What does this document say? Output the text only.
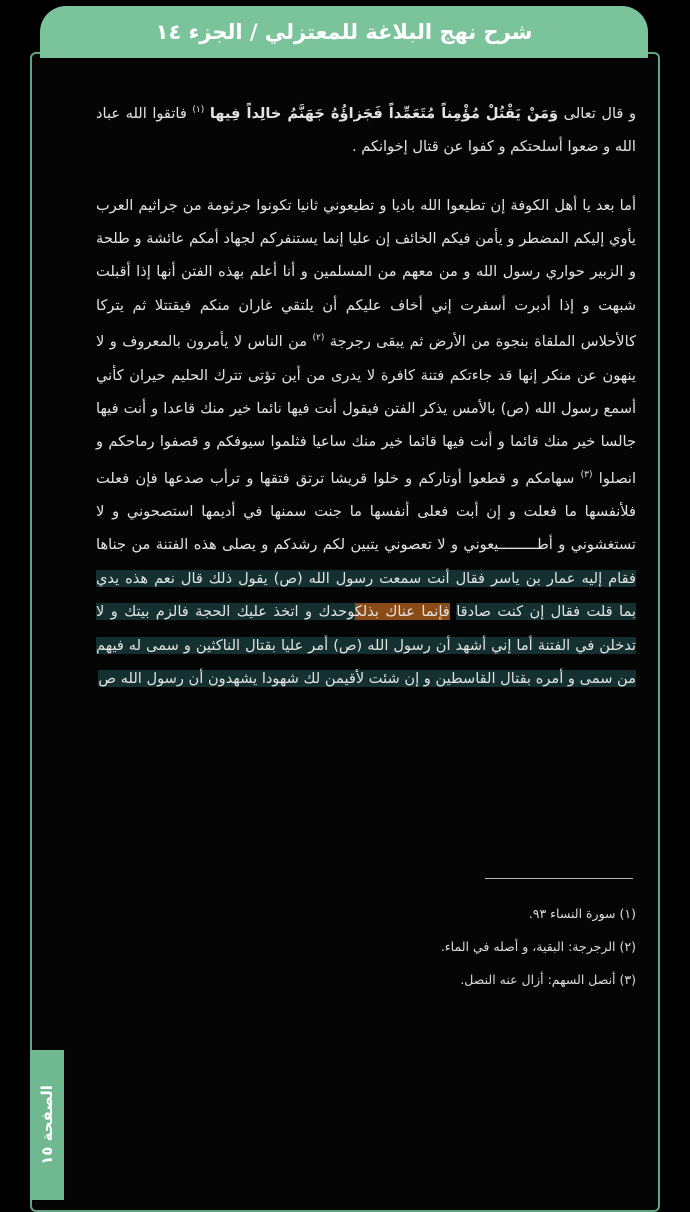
شرح نهج البلاغة للمعتزلي / الجزء ١٤

و قال تعالى وَمَنْ يَقْتُلْ مُؤْمِناً مُتَعَمِّداً فَجَزاؤُهُ جَهَنَّمُ خالِداً فِيها $^{(١)}$ فاتقوا الله عباد الله و ضعوا أسلحتكم و كفوا عن قتال إخوانكم .

أما بعد يا أهل الكوفة إن تطيعوا الله باديا و تطيعوني ثانيا تكونوا جرثومة من جراثيم العرب يأوي إليكم المضطر و يأمن فيكم الخائف إن عليا إنما يستنفركم لجهاد أمكم عائشة و طلحة و الزبير حواري رسول الله و من معهم من المسلمين و أنا أعلم بهذه الفتن أنها إذا أقبلت شبهت و إذا أدبرت أسفرت إني أخاف عليكم أن يلتقي غاران منكم فيقتتلا ثم يتركا كالأحلاس الملقاة بنجوة من الأرض ثم يبقى رجرجة $^{(٢)}$ من الناس لا يأمرون بالمعروف و لا ينهون عن منكر إنها قد جاءتكم فتنة كافرة لا يدرى من أين تؤتى تترك الحليم حيران كأني أسمع رسول الله (ص) بالأمس يذكر الفتن فيقول أنت فيها نائما خير منك قاعدا و أنت فيها جالسا خير منك قائما و أنت فيها قائما خير منك ساعيا فثلموا سيوفكم و قصفوا رماحكم و انصلوا $^{(٣)}$ سهامكم و قطعوا أوتاركم و خلوا قريشا ترتق فتقها و ترأب صدعها فإن فعلت فلأنفسها ما فعلت و إن أبت فعلى أنفسها ما جنت سمنها في أديمها استصحوني و لا تستغشوني و أطـــــــــيعوني و لا تعصوني يتبين لكم رشدكم و يصلى هذه الفتنة من جناها فقام إليه عمار بن ياسر فقال أنت سمعت رسول الله (ص) يقول ذلك قال نعم هذه يدي بما قلت فقال إن كنت صادقا فإنما عناك بذلكوحدك و اتخذ عليك الحجة فالزم بيتك و لا تدخلن في الفتنة أما إني أشهد أن رسول الله (ص) أمر عليا بقتال الناكثين و سمى له فيهم من سمى و أمره بقتال القاسطين و إن شئت لأقيمن لك شهودا يشهدون أن رسول الله ص

(١) سورة النساء ٩٣.
(٢) الرجرجة: البقية، و أصله في الماء.
(٣) أنصل السهم: أزال عنه النصل.
الصفحة ١٥
